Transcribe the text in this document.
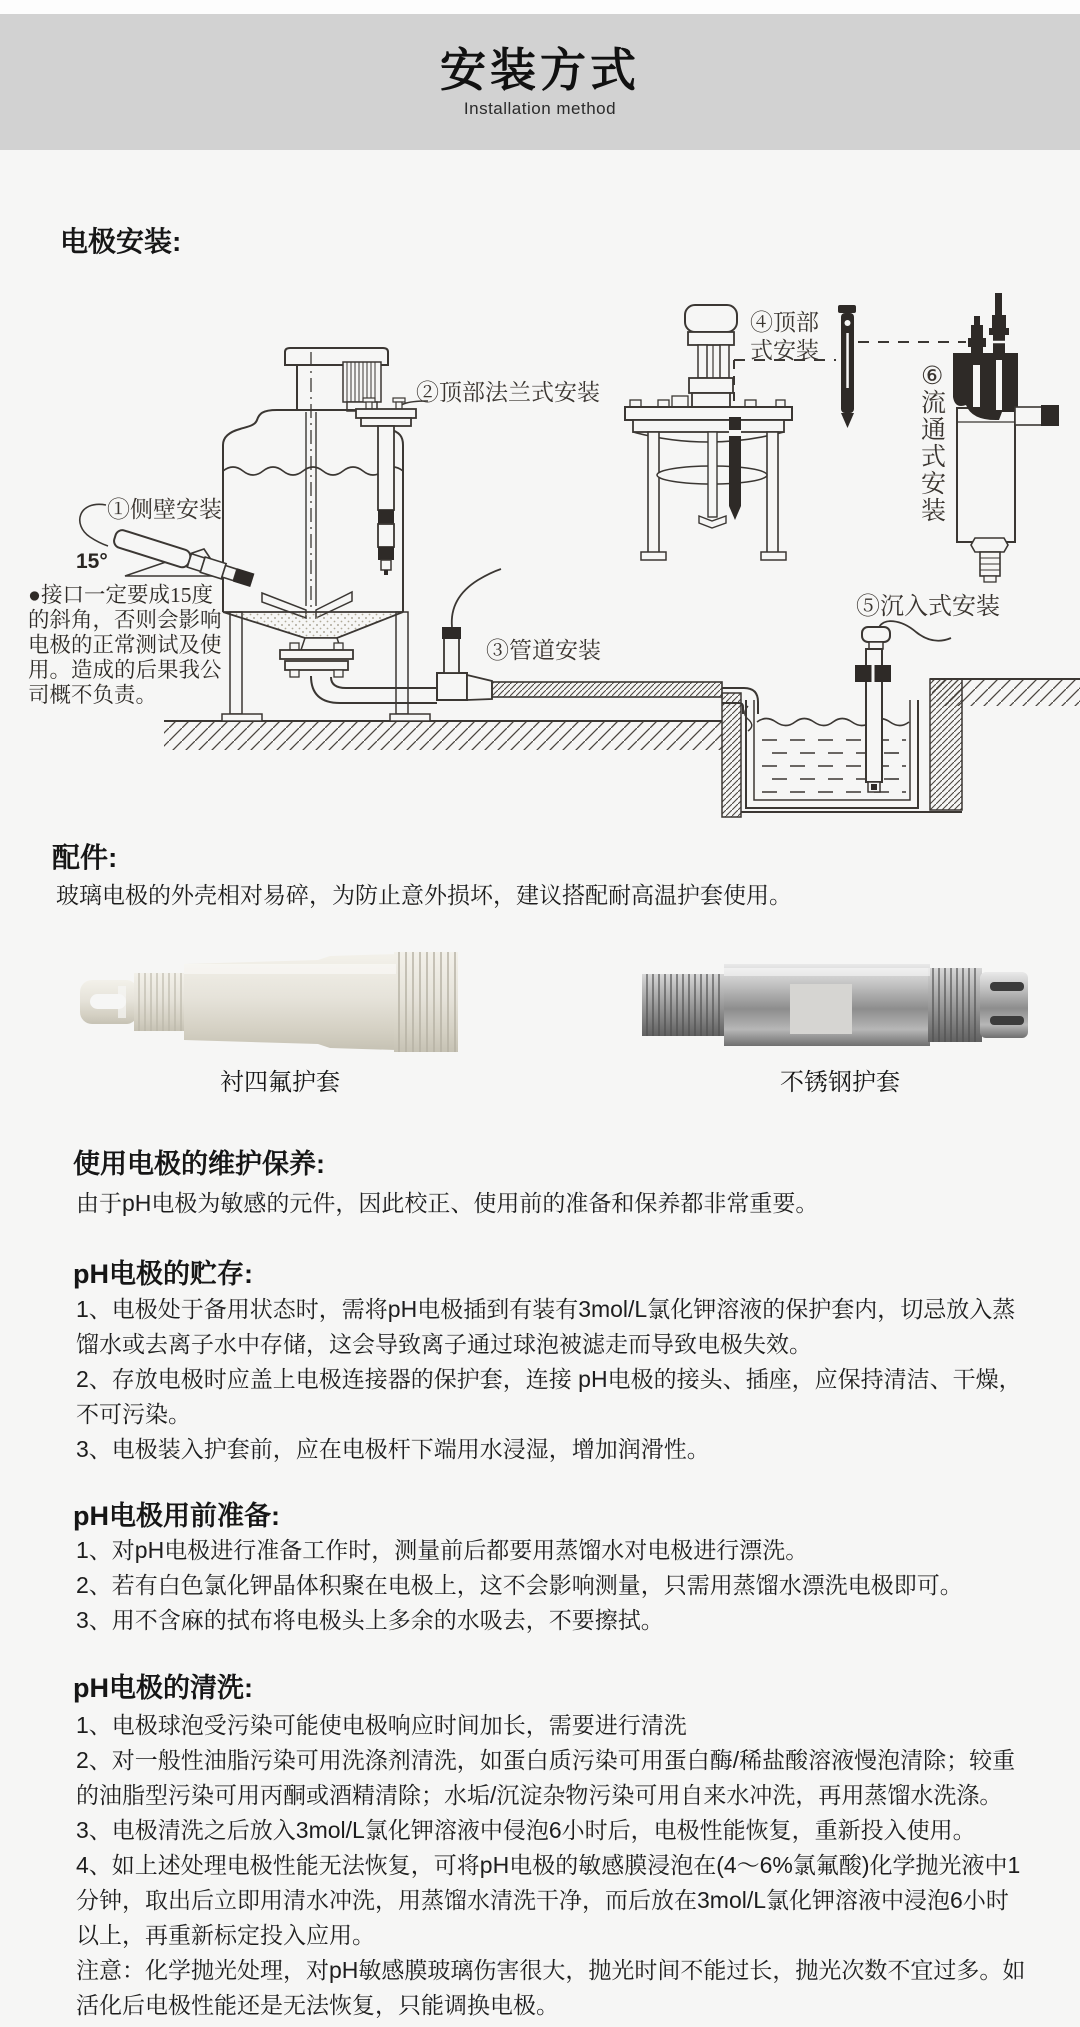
安装方式
Installation method
电极安装:
⑤沉入式安装
③管道安装
15°
①侧壁安装
②顶部法兰式安装
④顶部
式安装
⑥
流
通
式
安
装
●接口一定要成15度
的斜角，否则会影响
电极的正常测试及使
用。造成的后果我公
司概不负责。
配件:
玻璃电极的外壳相对易碎，为防止意外损坏，建议搭配耐高温护套使用。
衬四氟护套	不锈钢护套
使用电极的维护保养:
由于pH电极为敏感的元件，因此校正、使用前的准备和保养都非常重要。
pH电极的贮存:

1、电极处于备用状态时，需将pH电极插到有装有3mol/L氯化钾溶液的保护套内，切忌放入蒸馏水或去离子水中存储，这会导致离子通过球泡被滤走而导致电极失效。

2、存放电极时应盖上电极连接器的保护套，连接 pH电极的接头、插座，应保持清洁、干燥，不可污染。

3、电极装入护套前，应在电极杆下端用水浸湿，增加润滑性。

pH电极用前准备:

1、对pH电极进行准备工作时，测量前后都要用蒸馏水对电极进行漂洗。

2、若有白色氯化钾晶体积聚在电极上，这不会影响测量，只需用蒸馏水漂洗电极即可。

3、用不含麻的拭布将电极头上多余的水吸去，不要擦拭。

pH电极的清洗:

1、电极球泡受污染可能使电极响应时间加长，需要进行清洗

2、对一般性油脂污染可用洗涤剂清洗，如蛋白质污染可用蛋白酶/稀盐酸溶液慢泡清除；较重的油脂型污染可用丙酮或酒精清除；水垢/沉淀杂物污染可用自来水冲洗，再用蒸馏水洗涤。

3、电极清洗之后放入3mol/L氯化钾溶液中侵泡6小时后，电极性能恢复，重新投入使用。

4、如上述处理电极性能无法恢复，可将pH电极的敏感膜浸泡在(4～6%氯氟酸)化学抛光液中1分钟，取出后立即用清水冲洗，用蒸馏水清洗干净，而后放在3mol/L氯化钾溶液中浸泡6小时以上，再重新标定投入应用。

注意：化学抛光处理，对pH敏感膜玻璃伤害很大，抛光时间不能过长，抛光次数不宜过多。如活化后电极性能还是无法恢复，只能调换电极。
